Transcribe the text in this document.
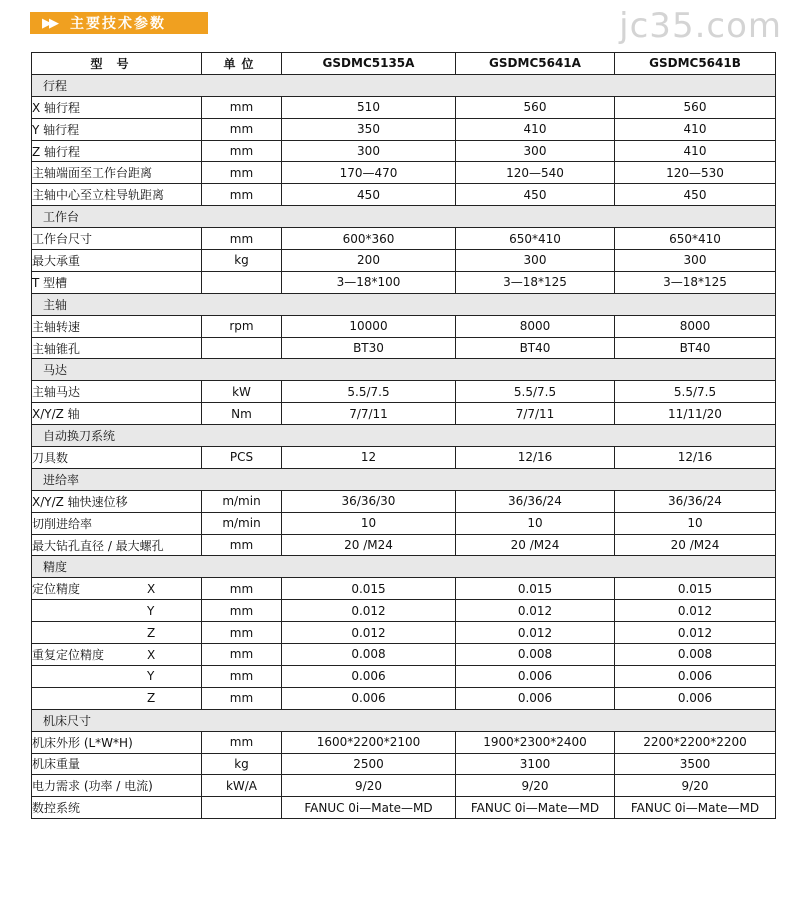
▶▶ 主要技术参数	jc35.com
型号	单位	GSDMC5135A	GSDMC5641A	GSDMC5641B
行程				
X 轴行程	mm	510	560	560
Y 轴行程	mm	350	410	410
Z 轴行程	mm	300	300	410
主轴端面至工作台距离	mm	170—470	120—540	120—530
主轴中心至立柱导轨距离	mm	450	450	450
工作台				
工作台尺寸	mm	600*360	650*410	650*410
最大承重	kg	200	300	300
T 型槽		3—18*100	3—18*125	3—18*125
主轴				
主轴转速	rpm	10000	8000	8000
主轴锥孔		BT30	BT40	BT40
马达				
主轴马达	kW	5.5/7.5	5.5/7.5	5.5/7.5
X/Y/Z 轴	Nm	7/7/11	7/7/11	11/11/20
自动换刀系统				
刀具数	PCS	12	12/16	12/16
进给率				
X/Y/Z 轴快速位移	m/min	36/36/30	36/36/24	36/36/24
切削进给率	m/min	10	10	10
最大钻孔直径 / 最大螺孔	mm	20 /M24	20 /M24	20 /M24
精度				
定位精度 X	mm	0.015	0.015	0.015
Y	mm	0.012	0.012	0.012
Z	mm	0.012	0.012	0.012
重复定位精度 X	mm	0.008	0.008	0.008
Y	mm	0.006	0.006	0.006
Z	mm	0.006	0.006	0.006
机床尺寸				
机床外形 (L*W*H)	mm	1600*2200*2100	1900*2300*2400	2200*2200*2200
机床重量	kg	2500	3100	3500
电力需求 (功率 / 电流)	kW/A	9/20	9/20	9/20
数控系统		FANUC 0i—Mate—MD	FANUC 0i—Mate—MD	FANUC 0i—Mate—MD
